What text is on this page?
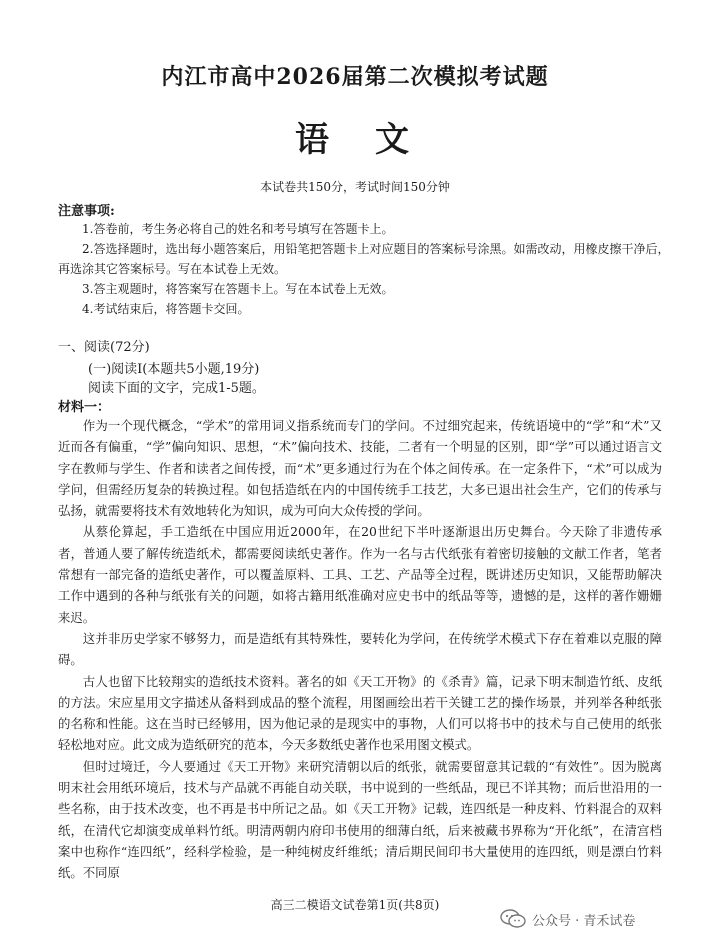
内江市高中2026届第二次模拟考试题
语　文
本试卷共150分，考试时间150分钟
注意事项:

1.答卷前，考生务必将自己的姓名和考号填写在答题卡上。

2.答选择题时，选出每小题答案后，用铅笔把答题卡上对应题目的答案标号涂黑。如需改动，用橡皮擦干净后，再选涂其它答案标号。写在本试卷上无效。

3.答主观题时，将答案写在答题卡上。写在本试卷上无效。

4.考试结束后，将答题卡交回。

一、阅读(72分)
(一)阅读Ⅰ(本题共5小题,19分)
阅读下面的文字，完成1-5题。
材料一：

作为一个现代概念，“学术”的常用词义指系统而专门的学问。不过细究起来，传统语境中的“学”和“术”又近而各有偏重，“学”偏向知识、思想，“术”偏向技术、技能，二者有一个明显的区别，即“学”可以通过语言文字在教师与学生、作者和读者之间传授，而“术”更多通过行为在个体之间传承。在一定条件下，“术”可以成为学问，但需经历复杂的转换过程。如包括造纸在内的中国传统手工技艺，大多已退出社会生产，它们的传承与弘扬，就需要将技术有效地转化为知识，成为可向大众传授的学问。

从蔡伦算起，手工造纸在中国应用近2000年，在20世纪下半叶逐渐退出历史舞台。今天除了非遗传承者，普通人要了解传统造纸术，都需要阅读纸史著作。作为一名与古代纸张有着密切接触的文献工作者，笔者常想有一部完备的造纸史著作，可以覆盖原料、工具、工艺、产品等全过程，既讲述历史知识，又能帮助解决工作中遇到的各种与纸张有关的问题，如将古籍用纸准确对应史书中的纸品等等，遗憾的是，这样的著作姗姗来迟。

这并非历史学家不够努力，而是造纸有其特殊性，要转化为学问，在传统学术模式下存在着难以克服的障碍。

古人也留下比较翔实的造纸技术资料。著名的如《天工开物》的《杀青》篇，记录下明末制造竹纸、皮纸的方法。宋应星用文字描述从备料到成品的整个流程，用图画绘出若干关键工艺的操作场景，并列举各种纸张的名称和性能。这在当时已经够用，因为他记录的是现实中的事物，人们可以将书中的技术与自己使用的纸张轻松地对应。此文成为造纸研究的范本，今天多数纸史著作也采用图文模式。

但时过境迁，今人要通过《天工开物》来研究清朝以后的纸张，就需要留意其记载的“有效性”。因为脱离明末社会用纸环境后，技术与产品就不再能自动关联，书中说到的一些纸品，现已不详其物；而后世沿用的一些名称，由于技术改变，也不再是书中所记之品。如《天工开物》记载，连四纸是一种皮料、竹料混合的双料纸，在清代它却演变成单料竹纸。明清两朝内府印书使用的细薄白纸，后来被藏书界称为“开化纸”，在清宫档案中也称作“连四纸”，经科学检验，是一种纯树皮纤维纸；清后期民间印书大量使用的连四纸，则是漂白竹料纸。不同原

高三二模语文试卷第1页(共8页)
公众号 · 青禾试卷
